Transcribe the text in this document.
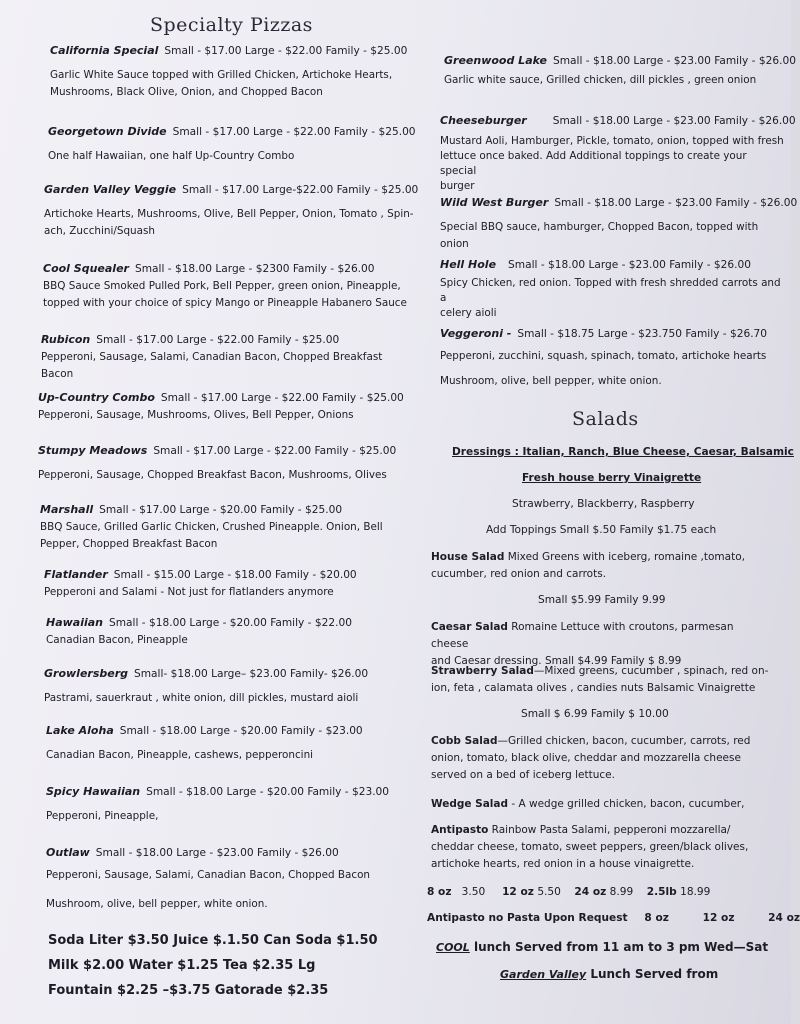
Specialty Pizzas
California Special Small - $17.00 Large - $22.00 Family - $25.00
Garlic White Sauce topped with Grilled Chicken, Artichoke Hearts,
Mushrooms, Black Olive, Onion, and Chopped Bacon
Georgetown Divide Small - $17.00 Large - $22.00 Family - $25.00
One half Hawaiian, one half Up-Country Combo
Garden Valley Veggie Small - $17.00 Large-$22.00 Family - $25.00
Artichoke Hearts, Mushrooms, Olive, Bell Pepper, Onion, Tomato , Spin-
ach, Zucchini/Squash
Cool Squealer Small - $18.00 Large - $2300 Family - $26.00
BBQ Sauce Smoked Pulled Pork, Bell Pepper, green onion, Pineapple,
topped with your choice of spicy Mango or Pineapple Habanero Sauce
Rubicon Small - $17.00 Large - $22.00 Family - $25.00
Pepperoni, Sausage, Salami, Canadian Bacon, Chopped Breakfast Bacon
Up-Country Combo Small - $17.00 Large - $22.00 Family - $25.00
Pepperoni, Sausage, Mushrooms, Olives, Bell Pepper, Onions
Stumpy Meadows Small - $17.00 Large - $22.00 Family - $25.00
Pepperoni, Sausage, Chopped Breakfast Bacon, Mushrooms, Olives
Marshall Small - $17.00 Large - $20.00 Family - $25.00
BBQ Sauce, Grilled Garlic Chicken, Crushed Pineapple. Onion, Bell
Pepper, Chopped Breakfast Bacon
Flatlander Small - $15.00 Large - $18.00 Family - $20.00
Pepperoni and Salami - Not just for flatlanders anymore
Hawaiian Small - $18.00 Large - $20.00 Family - $22.00
Canadian Bacon, Pineapple
Growlersberg Small- $18.00 Large– $23.00 Family- $26.00
Pastrami, sauerkraut , white onion, dill pickles, mustard aioli
Lake Aloha Small - $18.00 Large - $20.00 Family - $23.00
Canadian Bacon, Pineapple, cashews, pepperoncini
Spicy Hawaiian Small - $18.00 Large - $20.00 Family - $23.00
Pepperoni, Pineapple,
Outlaw Small - $18.00 Large - $23.00 Family - $26.00
Pepperoni, Sausage, Salami, Canadian Bacon, Chopped Bacon
Mushroom, olive, bell pepper, white onion.
Soda Liter $3.50 Juice $.1.50 Can Soda $1.50
Milk $2.00 Water $1.25 Tea $2.35 Lg
Fountain $2.25 –$3.75 Gatorade $2.35
Greenwood Lake Small - $18.00 Large - $23.00 Family - $26.00
Garlic white sauce, Grilled chicken, dill pickles , green onion
Cheeseburger Small - $18.00 Large - $23.00 Family - $26.00
Mustard Aoli, Hamburger, Pickle, tomato, onion, topped with fresh
lettuce once baked. Add Additional toppings to create your special
burger
Wild West Burger Small - $18.00 Large - $23.00 Family - $26.00
Special BBQ sauce, hamburger, Chopped Bacon, topped with onion
Hell Hole Small - $18.00 Large - $23.00 Family - $26.00
Spicy Chicken, red onion. Topped with fresh shredded carrots and a
celery aioli
Veggeroni - Small - $18.75 Large - $23.750 Family - $26.70
Pepperoni, zucchini, squash, spinach, tomato, artichoke hearts
Mushroom, olive, bell pepper, white onion.
Salads
Dressings : Italian, Ranch, Blue Cheese, Caesar, Balsamic
Fresh house berry Vinaigrette
Strawberry, Blackberry, Raspberry
Add Toppings Small $.50 Family $1.75 each
House Salad Mixed Greens with iceberg, romaine ,tomato,
cucumber, red onion and carrots.
Small $5.99 Family 9.99
Caesar Salad Romaine Lettuce with croutons, parmesan cheese
and Caesar dressing. Small $4.99 Family $ 8.99
Strawberry Salad—Mixed greens, cucumber , spinach, red on-
ion, feta , calamata olives , candies nuts Balsamic Vinaigrette
Small $ 6.99 Family $ 10.00
Cobb Salad—Grilled chicken, bacon, cucumber, carrots, red
onion, tomato, black olive, cheddar and mozzarella cheese
served on a bed of iceberg lettuce.
Wedge Salad - A wedge grilled chicken, bacon, cucumber,
Antipasto Rainbow Pasta Salami, pepperoni mozzarella/
cheddar cheese, tomato, sweet peppers, green/black olives,
artichoke hearts, red onion in a house vinaigrette.
8 oz 3.50 12 oz 5.50 24 oz 8.99 2.5lb 18.99
Antipasto no Pasta Upon Request 8 oz	12 oz	24 oz
COOL lunch Served from 11 am to 3 pm Wed—Sat
Garden Valley Lunch Served from
